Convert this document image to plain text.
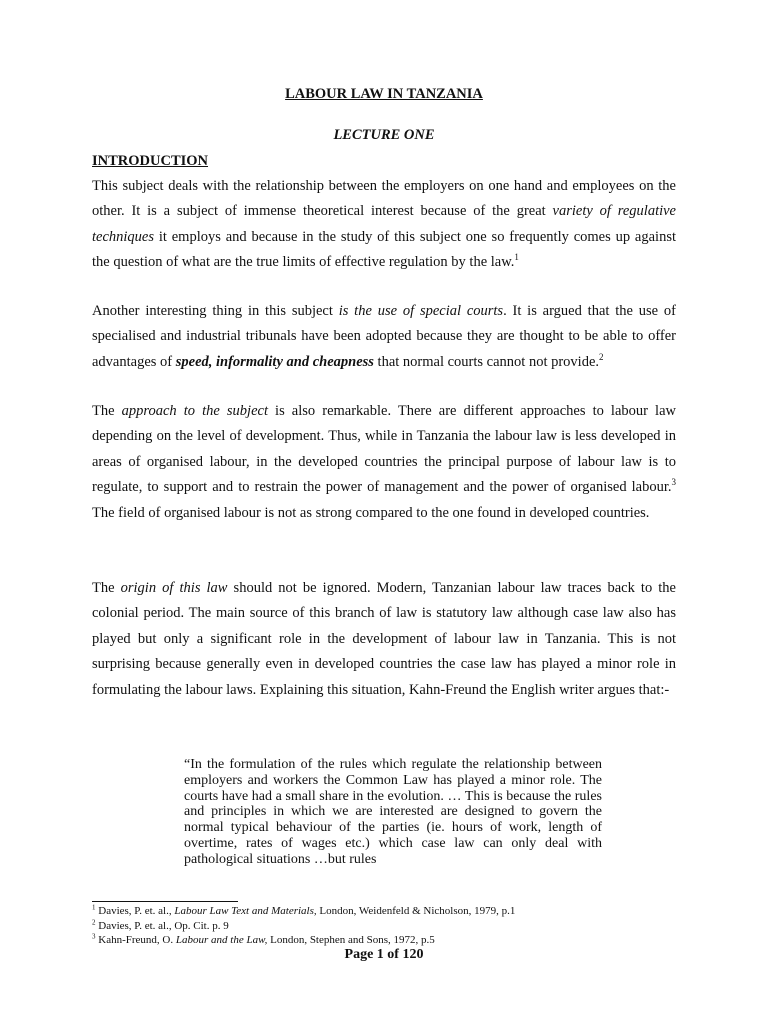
LABOUR LAW IN TANZANIA
LECTURE ONE
INTRODUCTION

This subject deals with the relationship between the employers on one hand and employees on the other. It is a subject of immense theoretical interest because of the great variety of regulative techniques it employs and because in the study of this subject one so frequently comes up against the question of what are the true limits of effective regulation by the law.$^1$

Another interesting thing in this subject is the use of special courts. It is argued that the use of specialised and industrial tribunals have been adopted because they are thought to be able to offer advantages of speed, informality and cheapness that normal courts cannot not provide.$^2$

The approach to the subject is also remarkable. There are different approaches to labour law depending on the level of development. Thus, while in Tanzania the labour law is less developed in areas of organised labour, in the developed countries the principal purpose of labour law is to regulate, to support and to restrain the power of management and the power of organised labour.$^3$ The field of organised labour is not as strong compared to the one found in developed countries.

The origin of this law should not be ignored. Modern, Tanzanian labour law traces back to the colonial period. The main source of this branch of law is statutory law although case law also has played but only a significant role in the development of labour law in Tanzania. This is not surprising because generally even in developed countries the case law has played a minor role in formulating the labour laws. Explaining this situation, Kahn-Freund the English writer argues that:-

“In the formulation of the rules which regulate the relationship between employers and workers the Common Law has played a minor role. The courts have had a small share in the evolution. … This is because the rules and principles in which we are interested are designed to govern the normal typical behaviour of the parties (ie. hours of work, length of overtime, rates of wages etc.) which case law can only deal with pathological situations …but rules

$^1$ Davies, P. et. al., Labour Law Text and Materials, London, Weidenfeld & Nicholson, 1979, p.1
$^2$ Davies, P. et. al., Op. Cit. p. 9
$^3$ Kahn-Freund, O. Labour and the Law, London, Stephen and Sons, 1972, p.5
Page 1 of 120
